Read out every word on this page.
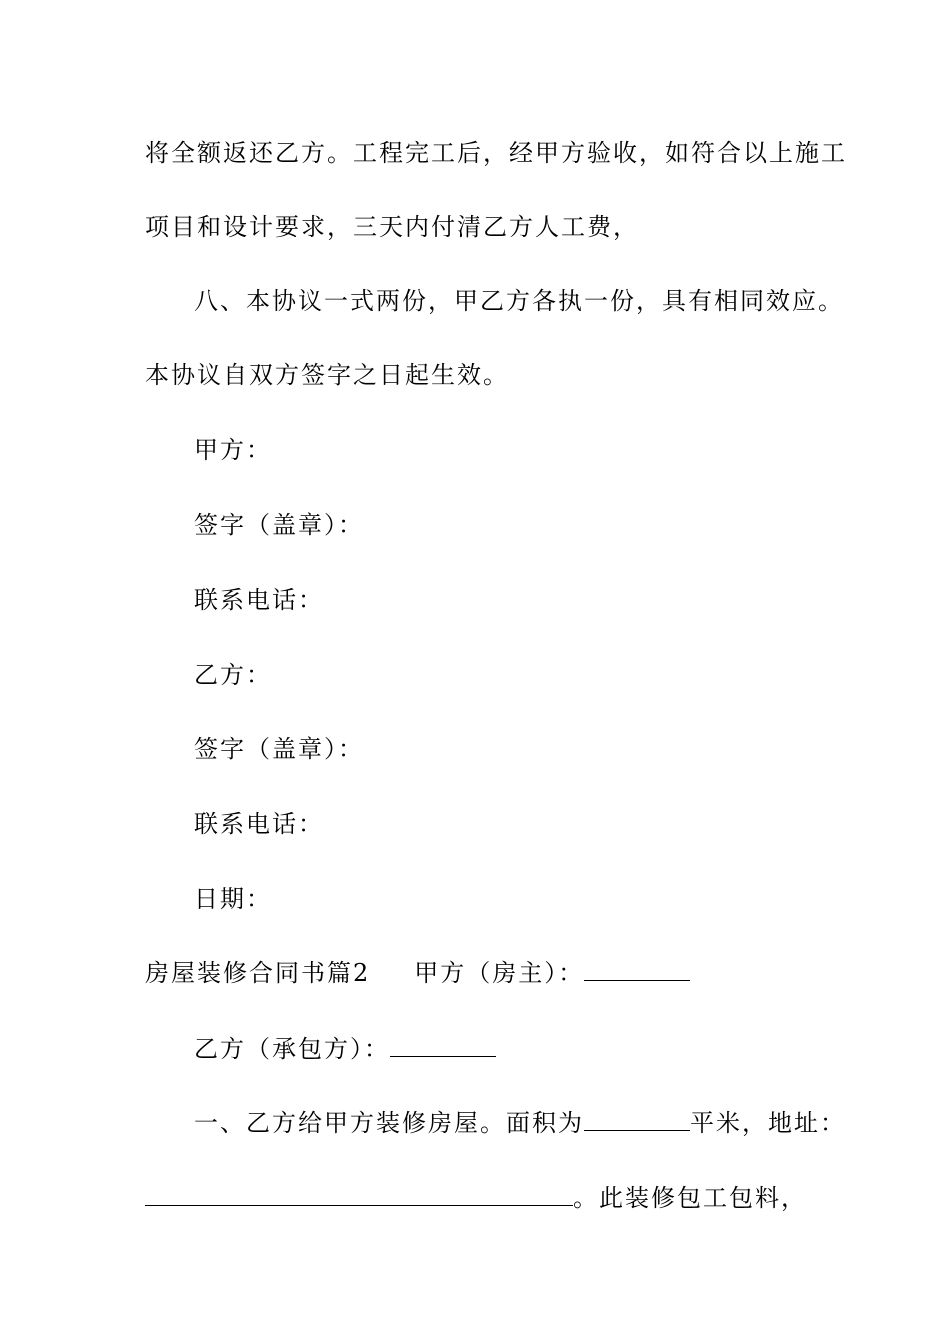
将全额返还乙方。工程完工后，经甲方验收，如符合以上施工
项目和设计要求，三天内付清乙方人工费，
八、本协议一式两份，甲乙方各执一份，具有相同效应。
本协议自双方签字之日起生效。
甲方：
签字（盖章）：
联系电话：
乙方：
签字（盖章）：
联系电话：
日期：
房屋装修合同书篇2 甲方（房主）：
乙方（承包方）：
一、乙方给甲方装修房屋。面积为	平米，地址：
。此装修包工包料，
